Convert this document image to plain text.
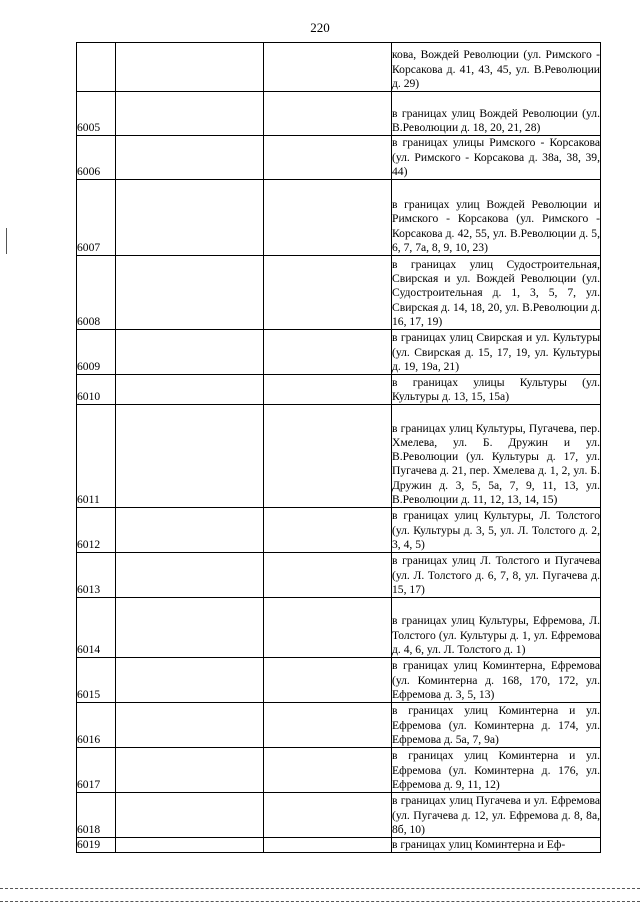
220
			кова, Вождей Революции (ул. Римского - Корсакова д. 41, 43, 45, ул. В.Революции д. 29)
6005			в границах улиц Вождей Революции (ул. В.Революции д. 18, 20, 21, 28)
6006			в границах улицы Римского - Корсакова (ул. Римского - Корсакова д. 38а, 38, 39, 44)
6007			в границах улиц Вождей Революции и Римского - Корсакова (ул. Римского - Корсакова д. 42, 55, ул. В.Революции д. 5, 6, 7, 7а, 8, 9, 10, 23)
6008			в границах улиц Судостроительная, Свирская и ул. Вождей Революции (ул. Судостроительная д. 1, 3, 5, 7, ул. Свирская д. 14, 18, 20, ул. В.Революции д. 16, 17, 19)
6009			в границах улиц Свирская и ул. Культуры (ул. Свирская д. 15, 17, 19, ул. Культуры д. 19, 19а, 21)
6010			в границах улицы Культуры (ул. Культуры д. 13, 15, 15а)
6011			в границах улиц Культуры, Пугачева, пер. Хмелева, ул. Б. Дружин и ул. В.Революции (ул. Культуры д. 17, ул. Пугачева д. 21, пер. Хмелева д. 1, 2, ул. Б. Дружин д. 3, 5, 5а, 7, 9, 11, 13, ул. В.Революции д. 11, 12, 13, 14, 15)
6012			в границах улиц Культуры, Л. Толстого (ул. Культуры д. 3, 5, ул. Л. Толстого д. 2, 3, 4, 5)
6013			в границах улиц Л. Толстого и Пугачева (ул. Л. Толстого д. 6, 7, 8, ул. Пугачева д. 15, 17)
6014			в границах улиц Культуры, Ефремова, Л. Толстого (ул. Культуры д. 1, ул. Ефремова д. 4, 6, ул. Л. Толстого д. 1)
6015			в границах улиц Коминтерна, Ефремова (ул. Коминтерна д. 168, 170, 172, ул. Ефремова д. 3, 5, 13)
6016			в границах улиц Коминтерна и ул. Ефремова (ул. Коминтерна д. 174, ул. Ефремова д. 5а, 7, 9а)
6017			в границах улиц Коминтерна и ул. Ефремова (ул. Коминтерна д. 176, ул. Ефремова д. 9, 11, 12)
6018			в границах улиц Пугачева и ул. Ефремова (ул. Пугачева д. 12, ул. Ефремова д. 8, 8а, 8б, 10)
6019			в границах улиц Коминтерна и Еф-
